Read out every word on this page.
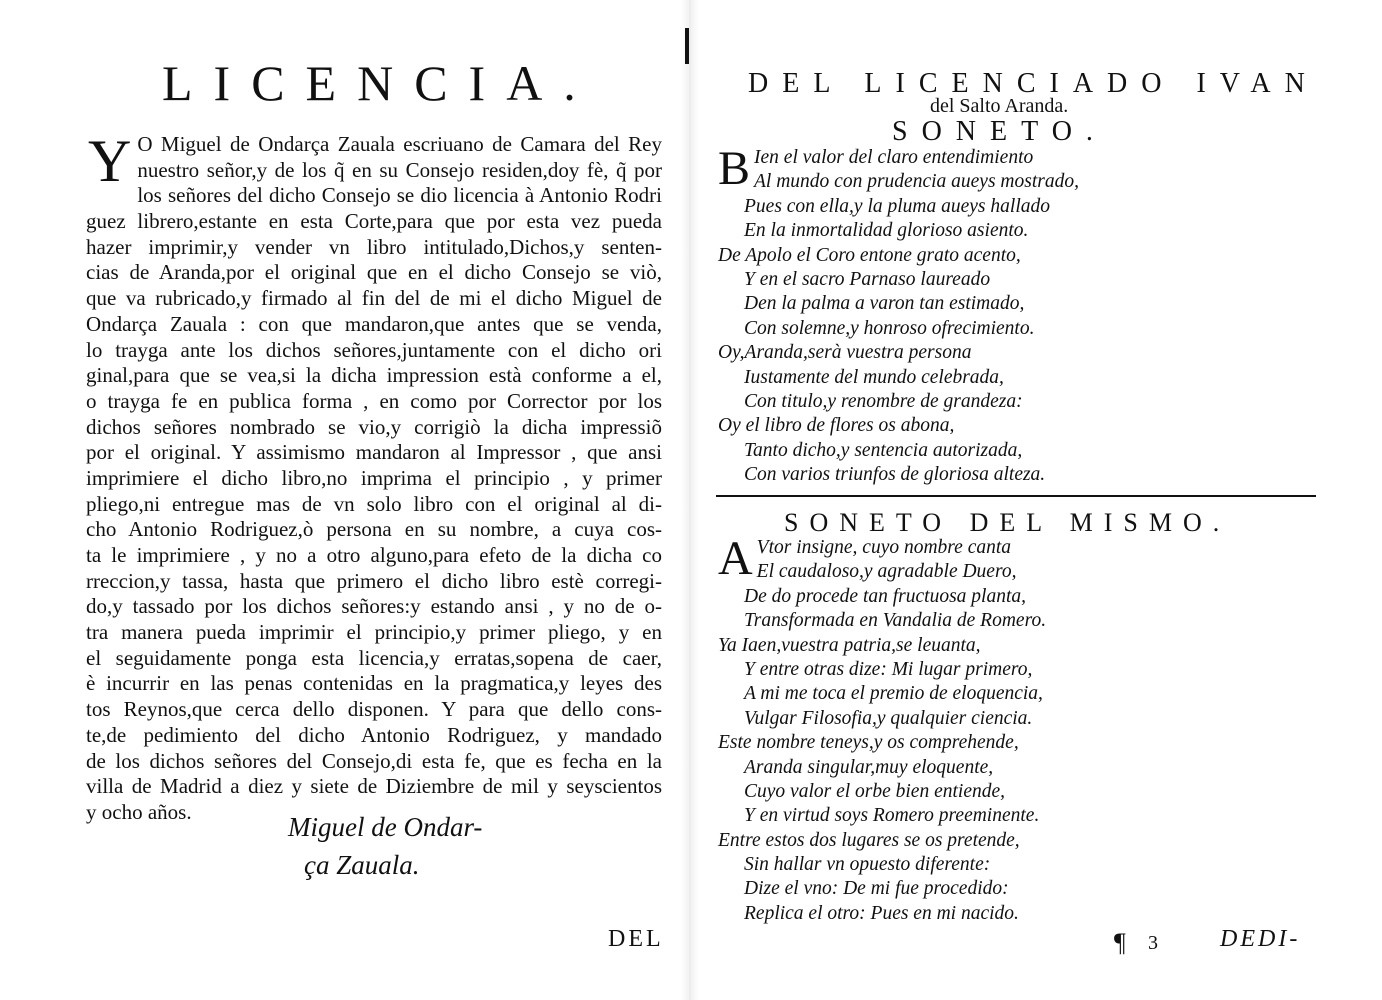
LICENCIA.
Y O Miguel de Ondarça Zauala escriuano de Camara del Rey
nuestro señor,y de los q̃ en su Consejo residen,doy fè, q̃ por
los señores del dicho Consejo se dio licencia à Antonio Rodri
guez librero,estante en esta Corte,para que por esta vez pueda
hazer imprimir,y vender vn libro intitulado,Dichos,y senten-
cias de Aranda,por el original que en el dicho Consejo se viò,
que va rubricado,y firmado al fin del de mi el dicho Miguel de
Ondarça Zauala : con que mandaron,que antes que se venda,
lo trayga ante los dichos señores,juntamente con el dicho ori
ginal,para que se vea,si la dicha impression està conforme a el,
o trayga fe en publica forma , en como por Corrector por los
dichos señores nombrado se vio,y corrigiò la dicha impressiõ
por el original. Y assimismo mandaron al Impressor , que ansi
imprimiere el dicho libro,no imprima el principio , y primer
pliego,ni entregue mas de vn solo libro con el original al di-
cho Antonio Rodriguez,ò persona en su nombre, a cuya cos-
ta le imprimiere , y no a otro alguno,para efeto de la dicha co
rreccion,y tassa, hasta que primero el dicho libro estè corregi-
do,y tassado por los dichos señores:y estando ansi , y no de o-
tra manera pueda imprimir el principio,y primer pliego, y en
el seguidamente ponga esta licencia,y erratas,sopena de caer,
è incurrir en las penas contenidas en la pragmatica,y leyes des
tos Reynos,que cerca dello disponen. Y para que dello cons-
te,de pedimiento del dicho Antonio Rodriguez, y mandado
de los dichos señores del Consejo,di esta fe, que es fecha en la
villa de Madrid a diez y siete de Diziembre de mil y seyscientos
y ocho años.
Miguel de Ondar-
ça Zauala.
DEL
DEL LICENCIADO IVAN
del Salto Aranda.
SONETO.
B Ien el valor del claro entendimiento
Al mundo con prudencia aueys mostrado,
Pues con ella,y la pluma aueys hallado
En la inmortalidad glorioso asiento.
De Apolo el Coro entone grato acento,
Y en el sacro Parnaso laureado
Den la palma a varon tan estimado,
Con solemne,y honroso ofrecimiento.
Oy,Aranda,serà vuestra persona
Iustamente del mundo celebrada,
Con titulo,y renombre de grandeza:
Oy el libro de flores os abona,
Tanto dicho,y sentencia autorizada,
Con varios triunfos de gloriosa alteza.
SONETO DEL MISMO.
A Vtor insigne, cuyo nombre canta
El caudaloso,y agradable Duero,
De do procede tan fructuosa planta,
Transformada en Vandalia de Romero.
Ya Iaen,vuestra patria,se leuanta,
Y entre otras dize: Mi lugar primero,
A mi me toca el premio de eloquencia,
Vulgar Filosofia,y qualquier ciencia.
Este nombre teneys,y os comprehende,
Aranda singular,muy eloquente,
Cuyo valor el orbe bien entiende,
Y en virtud soys Romero preeminente.
Entre estos dos lugares se os pretende,
Sin hallar vn opuesto diferente:
Dize el vno: De mi fue procedido:
Replica el otro: Pues en mi nacido.
¶ 3	DEDI-
